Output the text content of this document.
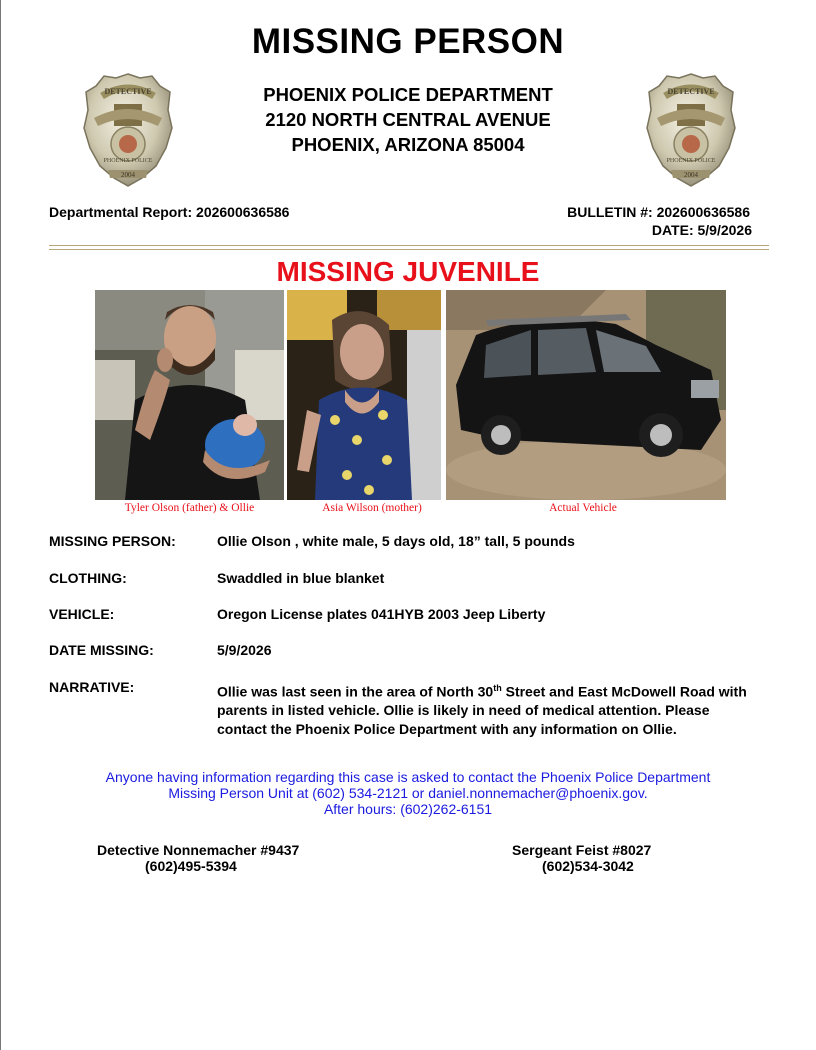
MISSING PERSON
DETECTIVE
PHOENIX POLICE
2004
PHOENIX POLICE DEPARTMENT
2120 NORTH CENTRAL AVENUE
PHOENIX, ARIZONA 85004
DETECTIVE
PHOENIX POLICE
2004
Departmental Report: 202600636586	BULLETIN #: 202600636586
DATE: 5/9/2026
MISSING JUVENILE
Tyler Olson (father) & Ollie	Asia Wilson (mother)	Actual Vehicle
MISSING PERSON:	Ollie Olson , white male, 5 days old, 18” tall, 5 pounds
CLOTHING:	Swaddled in blue blanket
VEHICLE:	Oregon License plates 041HYB 2003 Jeep Liberty
DATE MISSING:	5/9/2026
NARRATIVE:	Ollie was last seen in the area of North 30th Street and East McDowell Road with parents in listed vehicle. Ollie is likely in need of medical attention. Please contact the Phoenix Police Department with any information on Ollie.
Anyone having information regarding this case is asked to contact the Phoenix Police Department
Missing Person Unit at (602) 534-2121 or daniel.nonnemacher@phoenix.gov.
After hours: (602)262-6151
Detective Nonnemacher #9437
(602)495-5394
Sergeant Feist #8027
(602)534-3042
